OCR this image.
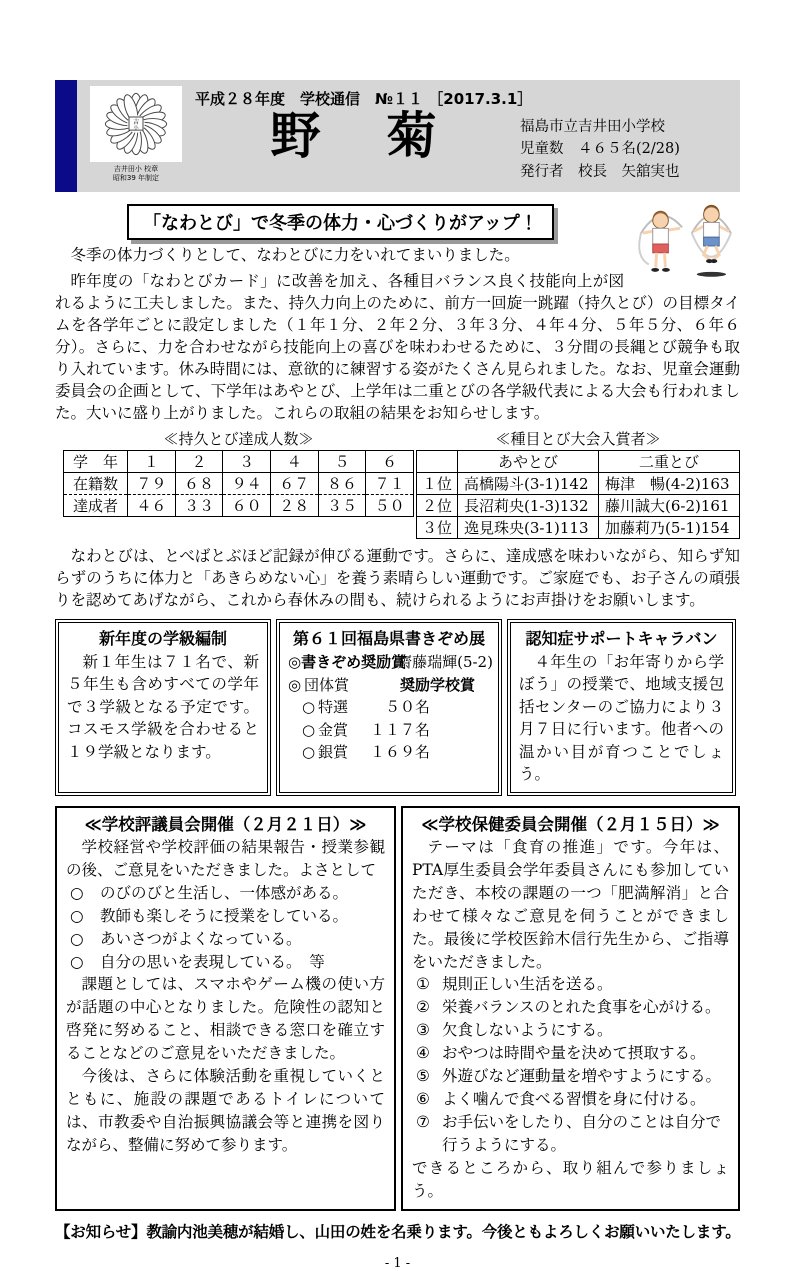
吉
小
吉井田小 校章
昭和39 年制定
平成２８年度　学校通信　№１１ ［2017.3.1］
野　菊	福島市立吉井田小学校
児童数　４６５名(2/28)
発行者　校長　矢舘実也
「なわとび」で冬季の体力・心づくりがアップ！

冬季の体力づくりとして、なわとびに力をいれてまいりました。

昨年度の「なわとびカード」に改善を加え、各種目バランス良く技能向上が図れるように工夫しました。また、持久力向上のために、前方一回旋一跳躍（持久とび）の目標タイムを各学年ごとに設定しました（１年１分、２年２分、３年３分、４年４分、５年５分、６年６分）。さらに、力を合わせながら技能向上の喜びを味わわせるために、３分間の長縄とび競争も取り入れています。休み時間には、意欲的に練習する姿がたくさん見られました。なお、児童会運動委員会の企画として、下学年はあやとび、上学年は二重とびの各学級代表による大会も行われました。大いに盛り上がりました。これらの取組の結果をお知らせします。

≪持久とび達成人数≫
学　年	１	２	３	４	５	６
在籍数	７９	６８	９４	６７	８６	７１
達成者	４６	３３	６０	２８	３５	５０
≪種目とび大会入賞者≫
	あやとび	二重とび
１位	高橋陽斗(3-1)142	梅津　暢(4-2)163
２位	長沼莉央(1-3)132	藤川誠大(6-2)161
３位	逸見珠央(3-1)113	加藤莉乃(5-1)154

なわとびは、とべばとぶほど記録が伸びる運動です。さらに、達成感を味わいながら、知らず知らずのうちに体力と「あきらめない心」を養う素晴らしい運動です。ご家庭でも、お子さんの頑張りを認めてあげながら、これから春休みの間も、続けられるようにお声掛けをお願いします。

新年度の学級編制

新１年生は７１名で、新５年生も含めすべての学年で３学級となる予定です。コスモス学級を合わせると１９学級となります。

第６１回福島県書きぞめ展
◎ 書きぞめ奨励賞
齋藤瑞輝(5-2)
◎ 団体賞	奨励学校賞
○ 特選	５０名
○ 金賞	１１７名
○ 銀賞	１６９名
認知症サポートキャラバン

４年生の「お年寄りから学ぼう」の授業で、地域支援包括センターのご協力により３月７日に行います。他者への温かい目が育つことでしょう。

≪学校評議員会開催（２月２１日）≫

学校経営や学校評価の結果報告・授業参観の後、ご意見をいただきました。よさとして

○	のびのびと生活し、一体感がある。
○	教師も楽しそうに授業をしている。
○	あいさつがよくなっている。
○	自分の思いを表現している。　等

課題としては、スマホやゲーム機の使い方が話題の中心となりました。危険性の認知と啓発に努めること、相談できる窓口を確立することなどのご意見をいただきました。

今後は、さらに体験活動を重視していくとともに、施設の課題であるトイレについては、市教委や自治振興協議会等と連携を図りながら、整備に努めて参ります。

≪学校保健委員会開催（２月１５日）≫

テーマは「食育の推進」です。今年は、PTA厚生委員会学年委員さんにも参加していただき、本校の課題の一つ「肥満解消」と合わせて様々なご意見を伺うことができました。最後に学校医鈴木信行先生から、ご指導をいただきました。

① 規則正しい生活を送る。
② 栄養バランスのとれた食事を心がける。
③ 欠食しないようにする。
④ おやつは時間や量を決めて摂取する。
⑤ 外遊びなど運動量を増やすようにする。
⑥ よく噛んで食べる習慣を身に付ける。
⑦ お手伝いをしたり、自分のことは自分で行うようにする。

できるところから、取り組んで参りましょう。

【お知らせ】教諭内池美穂が結婚し、山田の姓を名乗ります。今後ともよろしくお願いいたします。
- 1 -
